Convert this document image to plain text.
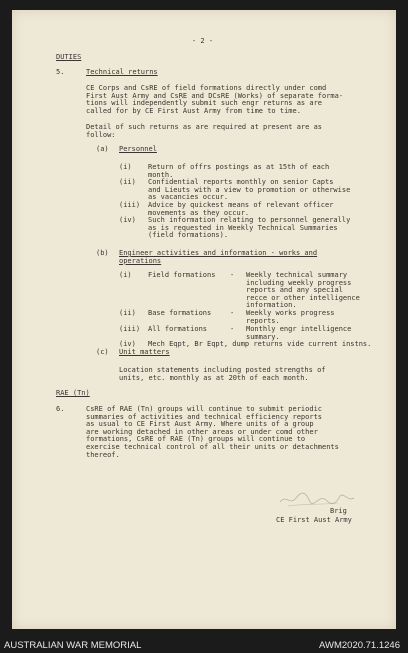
- 2 -
DUTIES
5.	Technical returns
CE Corps and CsRE of field formations directly under comd
First Aust Army and CsRE and DCsRE (Works) of separate forma-
tions will independently submit such engr returns as are
called for by CE First Aust Army from time to time.
Detail of such returns as are required at present are as
follow:
(a) Personnel
(i) Return of offrs postings as at 15th of each
month.
(ii) Confidential reports monthly on senior Capts
and Lieuts with a view to promotion or otherwise
as vacancies occur.
(iii) Advice by quickest means of relevant officer
movements as they occur.
(iv) Such information relating to personnel generally
as is requested in Weekly Technical Summaries
(field formations).
(b) Engineer activities and information - works and
operations
(i) Field formations - Weekly technical summary
including weekly progress
reports and any special
recce or other intelligence
information.
(ii) Base formations	- Weekly works progress
reports.
(iii) All formations	- Monthly engr intelligence
summary.
(iv) Mech Eqpt, Br Eqpt, dump returns vide current instns.
(c) Unit matters
Location statements including posted strengths of
units, etc. monthly as at 20th of each month.
RAE (Tn)
6.	CsRE of RAE (Tn) groups will continue to submit periodic
summaries of activities and technical efficiency reports
as usual to CE First Aust Army. Where units of a group
are working detached in other areas or under comd other
formations, CsRE of RAE (Tn) groups will continue to
exercise technical control of all their units or detachments
thereof.
Brig
CE First Aust Army
AUSTRALIAN WAR MEMORIAL	AWM2020.71.1246
